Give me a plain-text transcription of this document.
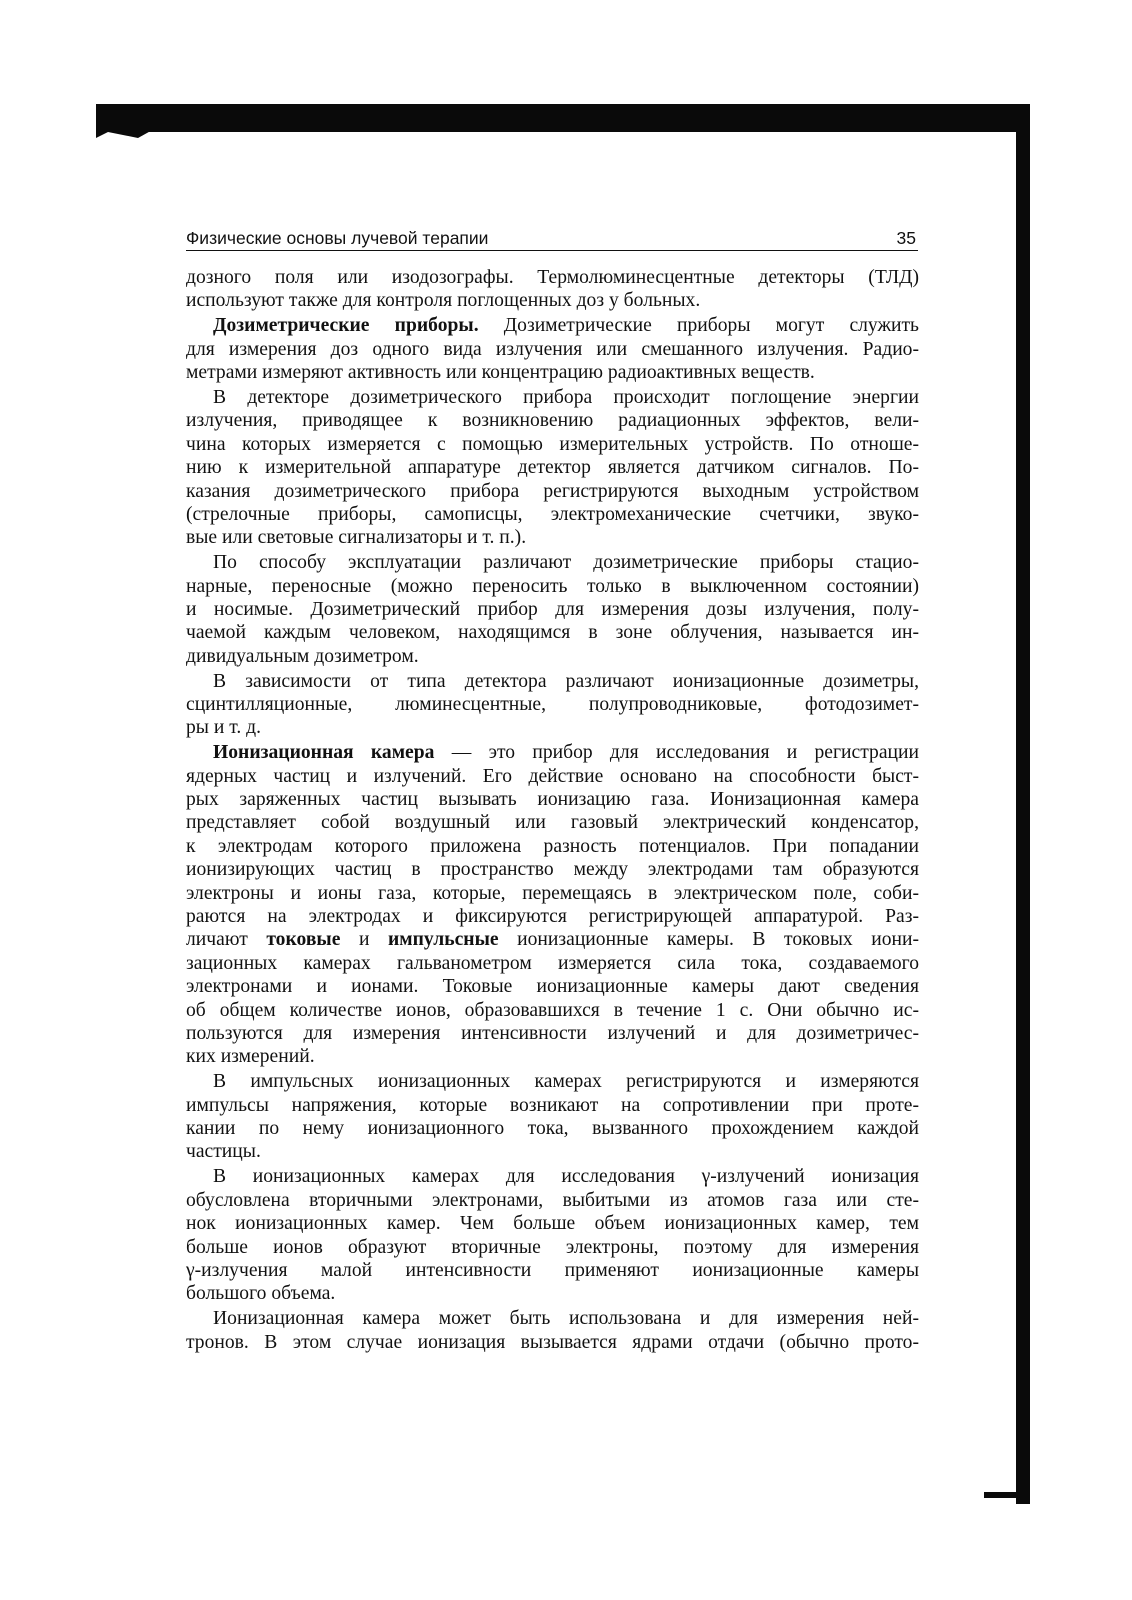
Физические основы лучевой терапии	35
дозного поля или изодозографы. Термолюминесцентные детекторы (ТЛД)
используют также для контроля поглощенных доз у больных.
Дозиметрические приборы. Дозиметрические приборы могут служить
для измерения доз одного вида излучения или смешанного излучения. Радио-
метрами измеряют активность или концентрацию радиоактивных веществ.
В детекторе дозиметрического прибора происходит поглощение энергии
излучения, приводящее к возникновению радиационных эффектов, вели-
чина которых измеряется с помощью измерительных устройств. По отноше-
нию к измерительной аппаратуре детектор является датчиком сигналов. По-
казания дозиметрического прибора регистрируются выходным устройством
(стрелочные приборы, самописцы, электромеханические счетчики, звуко-
вые или световые сигнализаторы и т. п.).
По способу эксплуатации различают дозиметрические приборы стацио-
нарные, переносные (можно переносить только в выключенном состоянии)
и носимые. Дозиметрический прибор для измерения дозы излучения, полу-
чаемой каждым человеком, находящимся в зоне облучения, называется ин-
дивидуальным дозиметром.
В зависимости от типа детектора различают ионизационные дозиметры,
сцинтилляционные, люминесцентные, полупроводниковые, фотодозимет-
ры и т. д.
Ионизационная камера — это прибор для исследования и регистрации
ядерных частиц и излучений. Его действие основано на способности быст-
рых заряженных частиц вызывать ионизацию газа. Ионизационная камера
представляет собой воздушный или газовый электрический конденсатор,
к электродам которого приложена разность потенциалов. При попадании
ионизирующих частиц в пространство между электродами там образуются
электроны и ионы газа, которые, перемещаясь в электрическом поле, соби-
раются на электродах и фиксируются регистрирующей аппаратурой. Раз-
личают токовые и импульсные ионизационные камеры. В токовых иони-
зационных камерах гальванометром измеряется сила тока, создаваемого
электронами и ионами. Токовые ионизационные камеры дают сведения
об общем количестве ионов, образовавшихся в течение 1 с. Они обычно ис-
пользуются для измерения интенсивности излучений и для дозиметричес-
ких измерений.
В импульсных ионизационных камерах регистрируются и измеряются
импульсы напряжения, которые возникают на сопротивлении при проте-
кании по нему ионизационного тока, вызванного прохождением каждой
частицы.
В ионизационных камерах для исследования γ-излучений ионизация
обусловлена вторичными электронами, выбитыми из атомов газа или сте-
нок ионизационных камер. Чем больше объем ионизационных камер, тем
больше ионов образуют вторичные электроны, поэтому для измерения
γ-излучения малой интенсивности применяют ионизационные камеры
большого объема.
Ионизационная камера может быть использована и для измерения ней-
тронов. В этом случае ионизация вызывается ядрами отдачи (обычно прото-
